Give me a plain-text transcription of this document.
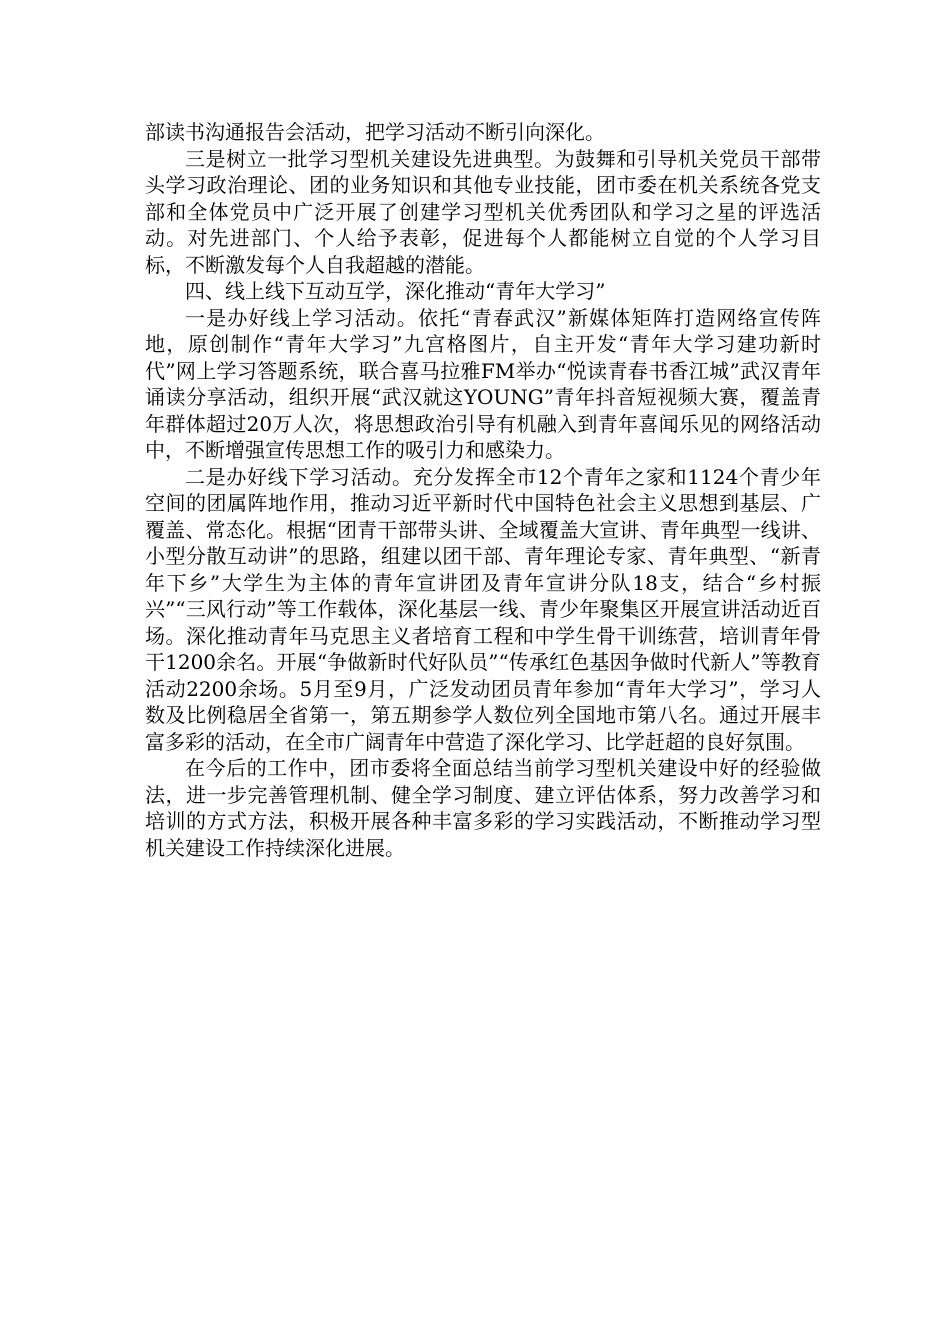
部读书沟通报告会活动，把学习活动不断引向深化。

三是树立一批学习型机关建设先进典型。为鼓舞和引导机关党员干部带头学习政治理论、团的业务知识和其他专业技能，团市委在机关系统各党支部和全体党员中广泛开展了创建学习型机关优秀团队和学习之星的评选活动。对先进部门、个人给予表彰，促进每个人都能树立自觉的个人学习目标，不断激发每个人自我超越的潜能。

四、线上线下互动互学，深化推动“青年大学习”

一是办好线上学习活动。依托“青春武汉”新媒体矩阵打造网络宣传阵地，原创制作“青年大学习”九宫格图片，自主开发“青年大学习建功新时代”网上学习答题系统，联合喜马拉雅FM举办“悦读青春书香江城”武汉青年诵读分享活动，组织开展“武汉就这YOUNG”青年抖音短视频大赛，覆盖青年群体超过20万人次，将思想政治引导有机融入到青年喜闻乐见的网络活动中，不断增强宣传思想工作的吸引力和感染力。

二是办好线下学习活动。充分发挥全市12个青年之家和1124个青少年空间的团属阵地作用，推动习近平新时代中国特色社会主义思想到基层、广覆盖、常态化。根据“团青干部带头讲、全域覆盖大宣讲、青年典型一线讲、小型分散互动讲”的思路，组建以团干部、青年理论专家、青年典型、“新青年下乡”大学生为主体的青年宣讲团及青年宣讲分队18支，结合“乡村振兴”“三风行动”等工作载体，深化基层一线、青少年聚集区开展宣讲活动近百场。深化推动青年马克思主义者培育工程和中学生骨干训练营，培训青年骨干1200余名。开展“争做新时代好队员”“传承红色基因争做时代新人”等教育活动2200余场。5月至9月，广泛发动团员青年参加“青年大学习”，学习人数及比例稳居全省第一，第五期参学人数位列全国地市第八名。通过开展丰富多彩的活动，在全市广阔青年中营造了深化学习、比学赶超的良好氛围。

在今后的工作中，团市委将全面总结当前学习型机关建设中好的经验做法，进一步完善管理机制、健全学习制度、建立评估体系，努力改善学习和培训的方式方法，积极开展各种丰富多彩的学习实践活动，不断推动学习型机关建设工作持续深化进展。
